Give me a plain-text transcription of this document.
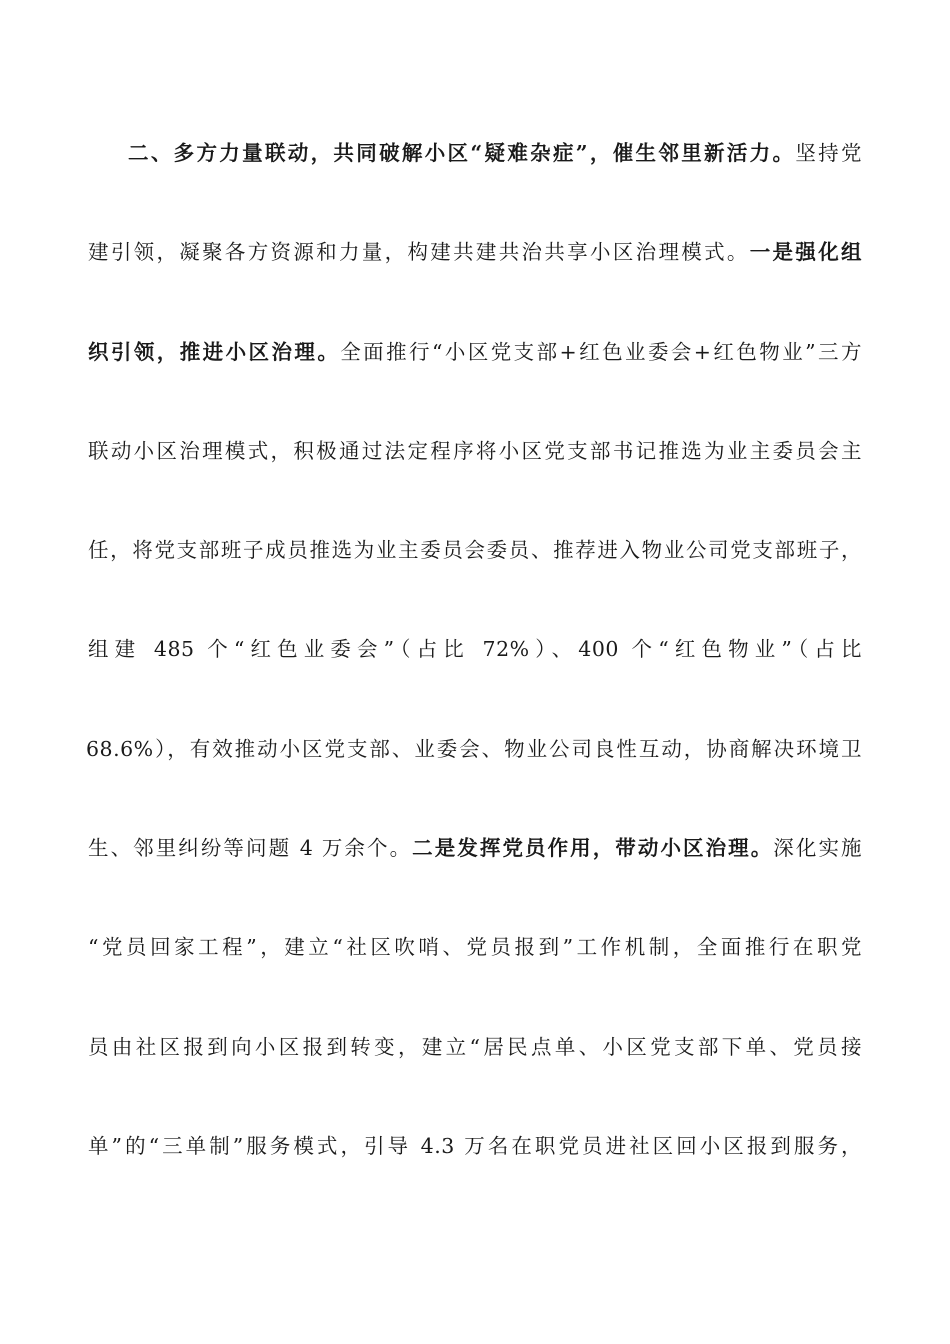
二、多方力量联动，共同破解小区“疑难杂症”，催生邻里新活力。坚持党
建引领，凝聚各方资源和力量，构建共建共治共享小区治理模式。一是强化组
织引领，推进小区治理。全面推行“小区党支部+红色业委会+红色物业”三方
联动小区治理模式，积极通过法定程序将小区党支部书记推选为业主委员会主
任，将党支部班子成员推选为业主委员会委员、推荐进入物业公司党支部班子，
组建 485 个“红色业委会”（占比 72%）、400 个“红色物业”（占比
68.6%），有效推动小区党支部、业委会、物业公司良性互动，协商解决环境卫
生、邻里纠纷等问题 4 万余个。二是发挥党员作用，带动小区治理。深化实施
“党员回家工程”，建立“社区吹哨、党员报到”工作机制，全面推行在职党
员由社区报到向小区报到转变，建立“居民点单、小区党支部下单、党员接
单”的“三单制”服务模式，引导 4.3 万名在职党员进社区回小区报到服务，
